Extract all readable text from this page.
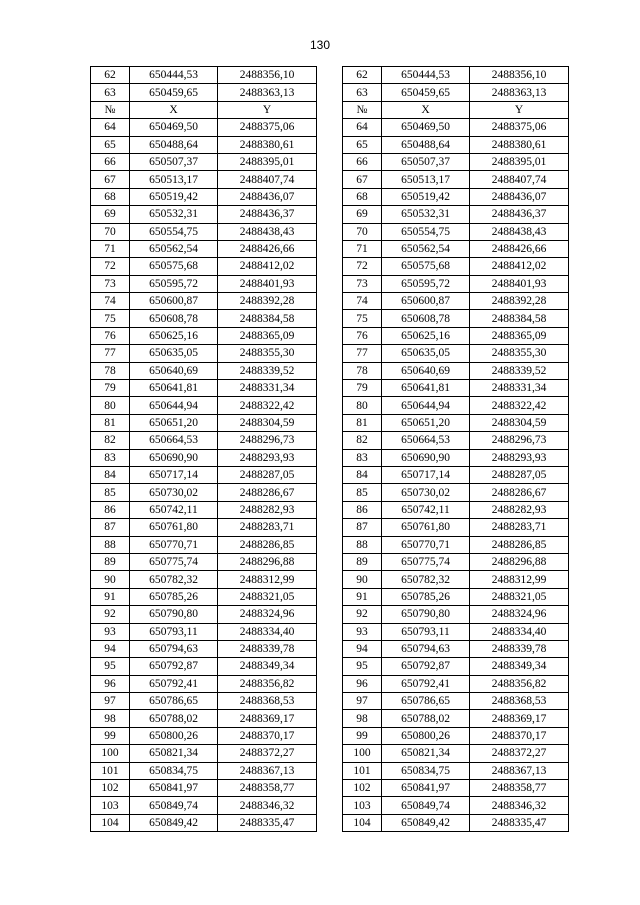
130
62	650444,53	2488356,10		62	650444,53	2488356,10
63	650459,65	2488363,13		63	650459,65	2488363,13
№	X	Y		№	X	Y
64	650469,50	2488375,06		64	650469,50	2488375,06
65	650488,64	2488380,61		65	650488,64	2488380,61
66	650507,37	2488395,01		66	650507,37	2488395,01
67	650513,17	2488407,74		67	650513,17	2488407,74
68	650519,42	2488436,07		68	650519,42	2488436,07
69	650532,31	2488436,37		69	650532,31	2488436,37
70	650554,75	2488438,43		70	650554,75	2488438,43
71	650562,54	2488426,66		71	650562,54	2488426,66
72	650575,68	2488412,02		72	650575,68	2488412,02
73	650595,72	2488401,93		73	650595,72	2488401,93
74	650600,87	2488392,28		74	650600,87	2488392,28
75	650608,78	2488384,58		75	650608,78	2488384,58
76	650625,16	2488365,09		76	650625,16	2488365,09
77	650635,05	2488355,30		77	650635,05	2488355,30
78	650640,69	2488339,52		78	650640,69	2488339,52
79	650641,81	2488331,34		79	650641,81	2488331,34
80	650644,94	2488322,42		80	650644,94	2488322,42
81	650651,20	2488304,59		81	650651,20	2488304,59
82	650664,53	2488296,73		82	650664,53	2488296,73
83	650690,90	2488293,93		83	650690,90	2488293,93
84	650717,14	2488287,05		84	650717,14	2488287,05
85	650730,02	2488286,67		85	650730,02	2488286,67
86	650742,11	2488282,93		86	650742,11	2488282,93
87	650761,80	2488283,71		87	650761,80	2488283,71
88	650770,71	2488286,85		88	650770,71	2488286,85
89	650775,74	2488296,88		89	650775,74	2488296,88
90	650782,32	2488312,99		90	650782,32	2488312,99
91	650785,26	2488321,05		91	650785,26	2488321,05
92	650790,80	2488324,96		92	650790,80	2488324,96
93	650793,11	2488334,40		93	650793,11	2488334,40
94	650794,63	2488339,78		94	650794,63	2488339,78
95	650792,87	2488349,34		95	650792,87	2488349,34
96	650792,41	2488356,82		96	650792,41	2488356,82
97	650786,65	2488368,53		97	650786,65	2488368,53
98	650788,02	2488369,17		98	650788,02	2488369,17
99	650800,26	2488370,17		99	650800,26	2488370,17
100	650821,34	2488372,27		100	650821,34	2488372,27
101	650834,75	2488367,13		101	650834,75	2488367,13
102	650841,97	2488358,77		102	650841,97	2488358,77
103	650849,74	2488346,32		103	650849,74	2488346,32
104	650849,42	2488335,47		104	650849,42	2488335,47
